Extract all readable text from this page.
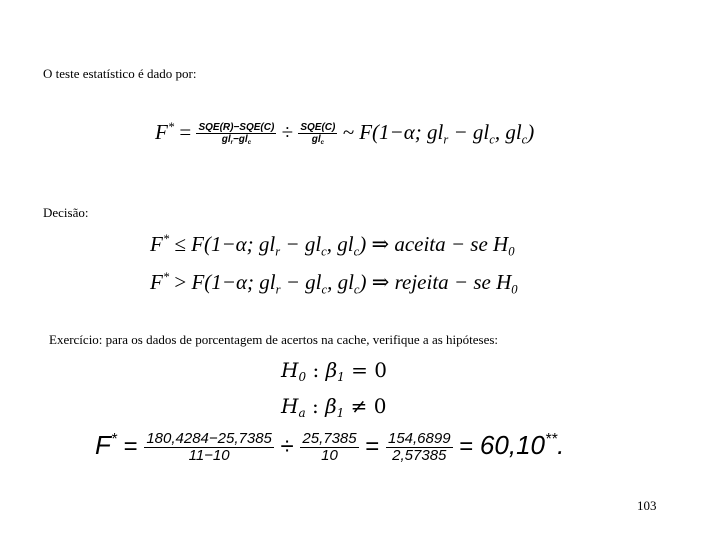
O teste estatístico é dado por:
$F^* = \frac{\text{SQE(R)−SQE(C)}}{gl_r-gl_c} \div \frac{\text{SQE(C)}}{gl_c}$ ~ F(1−α; $gl_r - gl_c$, $gl_c$)
Decisão:
F* ≤ F(1−α; $gl_r - gl_c$, $gl_c$) ⇒ aceita − se $H_0$
F* > F(1−α; $gl_r - gl_c$, $gl_c$) ⇒ rejeita − se $H_0$
Exercício: para os dados de porcentagem de acertos na cache, verifique a as hipóteses:
$H_0$ : $\beta_1 = 0$
$H_a$ : $\beta_1 \ne 0$
$F^* = \frac{180,4284-25,7385}{11-10} \div \frac{25,7385}{10} = \frac{154,6899}{2,57385} = 60,10^{**}$.
103
